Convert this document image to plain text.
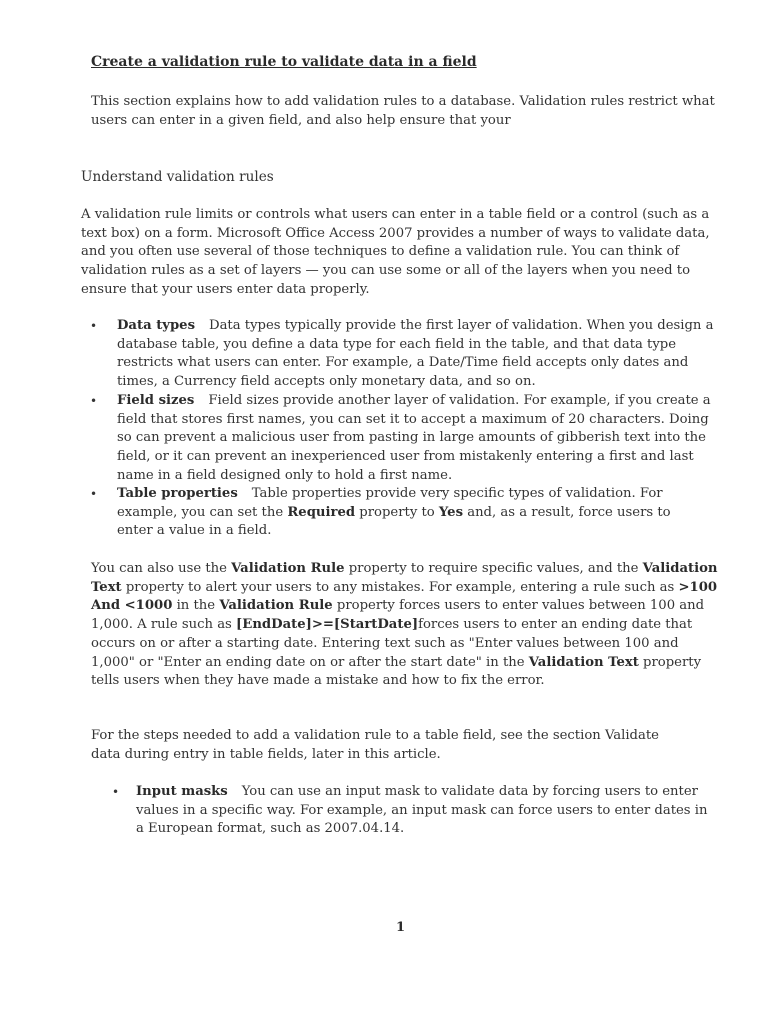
Create a validation rule to validate data in a field
This section explains how to add validation rules to a database. Validation rules restrict what users can enter in a given field, and also help ensure that your
Understand validation rules
A validation rule limits or controls what users can enter in a table field or a control (such as a text box) on a form. Microsoft Office Access 2007 provides a number of ways to validate data, and you often use several of those techniques to define a validation rule. You can think of validation rules as a set of layers — you can use some or all of the layers when you need to ensure that your users enter data properly.
• Data types Data types typically provide the first layer of validation. When you design a database table, you define a data type for each field in the table, and that data type restricts what users can enter. For example, a Date/Time field accepts only dates and times, a Currency field accepts only monetary data, and so on.
• Field sizes Field sizes provide another layer of validation. For example, if you create a field that stores first names, you can set it to accept a maximum of 20 characters. Doing so can prevent a malicious user from pasting in large amounts of gibberish text into the field, or it can prevent an inexperienced user from mistakenly entering a first and last name in a field designed only to hold a first name.
• Table properties Table properties provide very specific types of validation. For example, you can set the Required property to Yes and, as a result, force users to enter a value in a field.
You can also use the Validation Rule property to require specific values, and the Validation Text property to alert your users to any mistakes. For example, entering a rule such as >100 And <1000 in the Validation Rule property forces users to enter values between 100 and 1,000. A rule such as [EndDate]>=[StartDate]forces users to enter an ending date that occurs on or after a starting date. Entering text such as "Enter values between 100 and 1,000" or "Enter an ending date on or after the start date" in the Validation Text property tells users when they have made a mistake and how to fix the error.
For the steps needed to add a validation rule to a table field, see the section Validate data during entry in table fields, later in this article.
• Input masks You can use an input mask to validate data by forcing users to enter values in a specific way. For example, an input mask can force users to enter dates in a European format, such as 2007.04.14.
1
